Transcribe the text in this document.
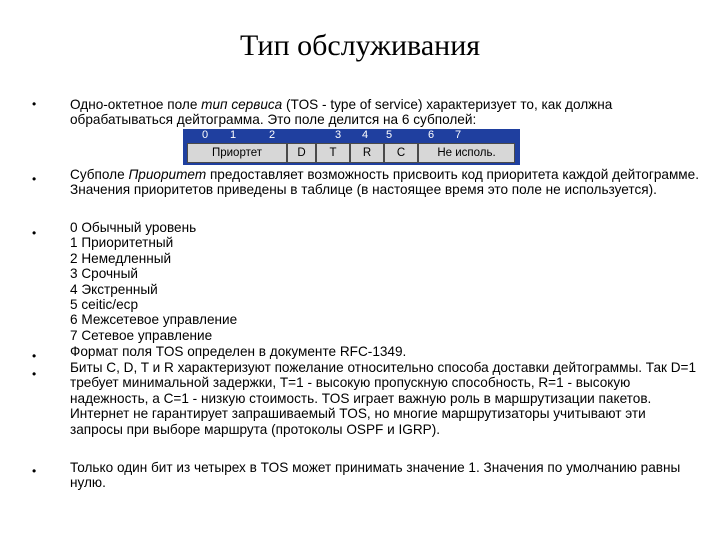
Тип обслуживания
•
•
•
•
•
•
Одно-октетное поле тип сервиса (TOS - type of service) характеризует то, как должна обрабатываться дейтограмма. Это поле делится на 6 субполей:
0 1	2	3 4 5	6 7
Приортет	D	T	R	C	Не исполь.
Субполе Приоритет предоставляет возможность присвоить код приоритета каждой дейтограмме. Значения приоритетов приведены в таблице (в настоящее время это поле не используется).
0 Обычный уровень
1 Приоритетный
2 Немедленный
3 Срочный
4 Экстренный
5 ceitic/ecp
6 Межсетевое управление
7 Сетевое управление
Формат поля TOS определен в документе RFC-1349.
Биты C, D, T и R характеризуют пожелание относительно способа доставки дейтограммы. Так D=1 требует минимальной задержки, T=1 - высокую пропускную способность, R=1 - высокую надежность, а C=1 - низкую стоимость. TOS играет важную роль в маршрутизации пакетов. Интернет не гарантирует запрашиваемый TOS, но многие маршрутизаторы учитывают эти запросы при выборе маршрута (протоколы OSPF и IGRP).
Только один бит из четырех в TOS может принимать значение 1. Значения по умолчанию равны нулю.
